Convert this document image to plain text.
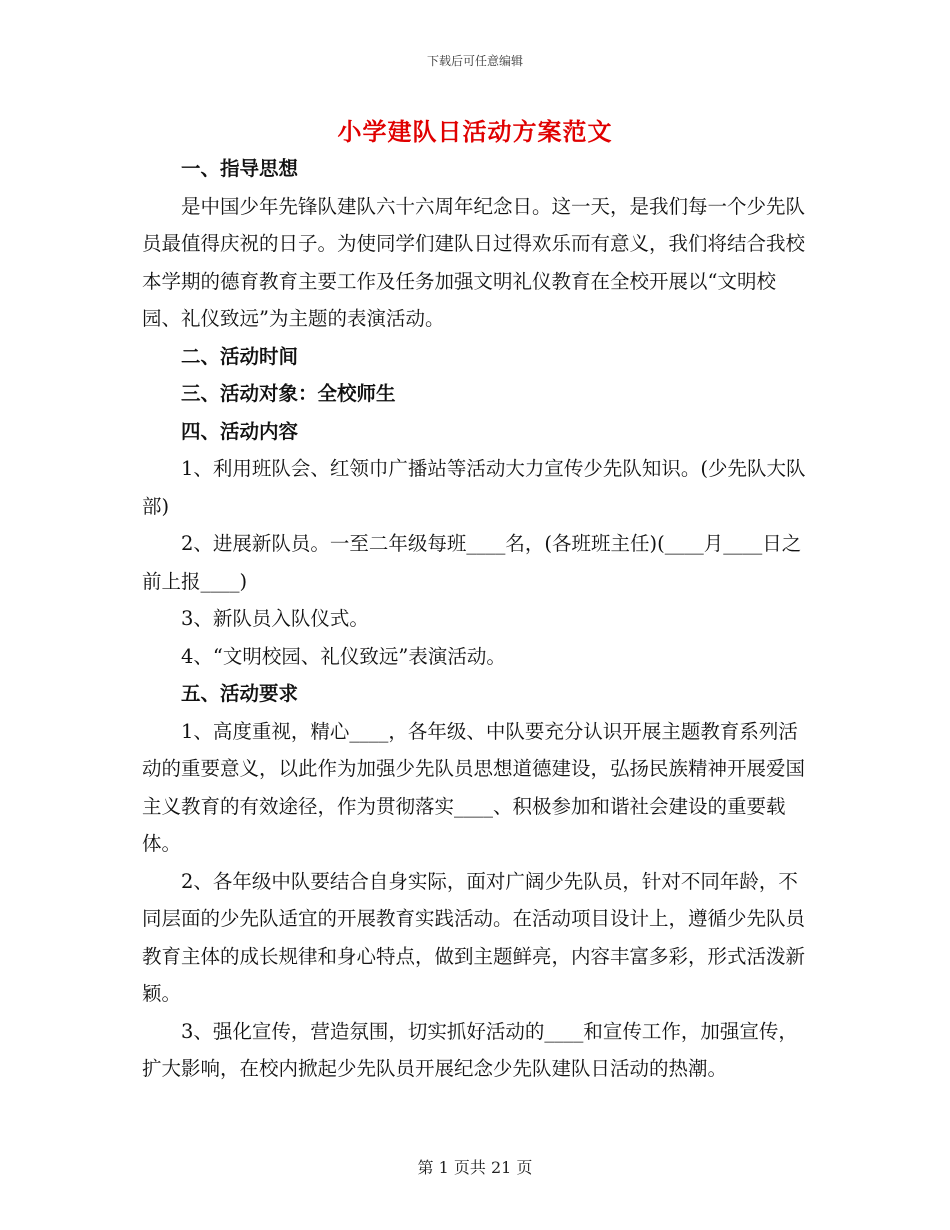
下载后可任意编辑
小学建队日活动方案范文

一、指导思想

是中国少年先锋队建队六十六周年纪念日。这一天，是我们每一个少先队员最值得庆祝的日子。为使同学们建队日过得欢乐而有意义，我们将结合我校本学期的德育教育主要工作及任务加强文明礼仪教育在全校开展以“文明校园、礼仪致远”为主题的表演活动。

二、活动时间

三、活动对象：全校师生

四、活动内容

1、利用班队会、红领巾广播站等活动大力宣传少先队知识。(少先队大队部)

2、进展新队员。一至二年级每班____名，(各班班主任)(____月____日之前上报____)

3、新队员入队仪式。

4、“文明校园、礼仪致远”表演活动。

五、活动要求

1、高度重视，精心____，各年级、中队要充分认识开展主题教育系列活动的重要意义，以此作为加强少先队员思想道德建设，弘扬民族精神开展爱国主义教育的有效途径，作为贯彻落实____、积极参加和谐社会建设的重要载体。

2、各年级中队要结合自身实际，面对广阔少先队员，针对不同年龄，不同层面的少先队适宜的开展教育实践活动。在活动项目设计上，遵循少先队员教育主体的成长规律和身心特点，做到主题鲜亮，内容丰富多彩，形式活泼新颖。

3、强化宣传，营造氛围，切实抓好活动的____和宣传工作，加强宣传，扩大影响，在校内掀起少先队员开展纪念少先队建队日活动的热潮。

第 1 页共 21 页
